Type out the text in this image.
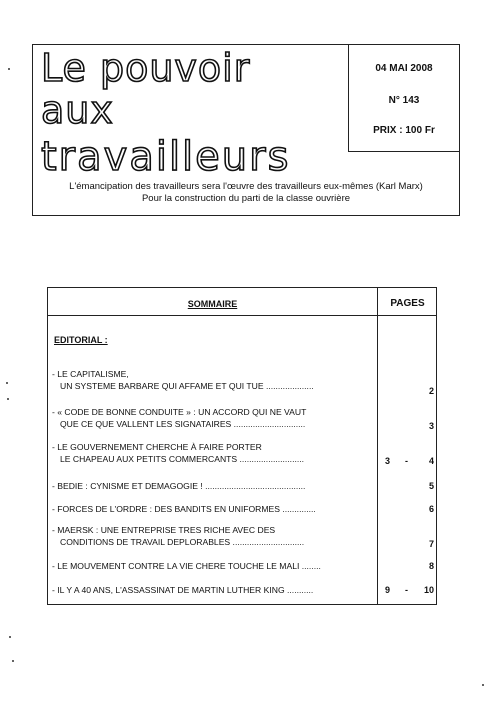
Le pouvoir
aux
travailleurs
04 MAI 2008
N° 143
PRIX : 100 Fr
L'émancipation des travailleurs sera l'œuvre des travailleurs eux-mêmes (Karl Marx)
Pour la construction du parti de la classe ouvrière
SOMMAIRE	PAGES
EDITORIAL :
- LE CAPITALISME,
UN SYSTEME BARBARE QUI AFFAME ET QUI TUE ....................	2
- « CODE DE BONNE CONDUITE » : UN ACCORD QUI NE VAUT
QUE CE QUE VALLENT LES SIGNATAIRES ..............................	3
- LE GOUVERNEMENT CHERCHE À FAIRE PORTER
LE CHAPEAU AUX PETITS COMMERCANTS ...........................	3 - 4
- BEDIE : CYNISME ET DEMAGOGIE ! ..........................................	5
- FORCES DE L'ORDRE : DES BANDITS EN UNIFORMES ..............	6
- MAERSK : UNE ENTREPRISE TRES RICHE AVEC DES
CONDITIONS DE TRAVAIL DEPLORABLES ..............................	7
- LE MOUVEMENT CONTRE LA VIE CHERE TOUCHE LE MALI ........	8
- IL Y A 40 ANS, L'ASSASSINAT DE MARTIN LUTHER KING ...........	9 - 10
